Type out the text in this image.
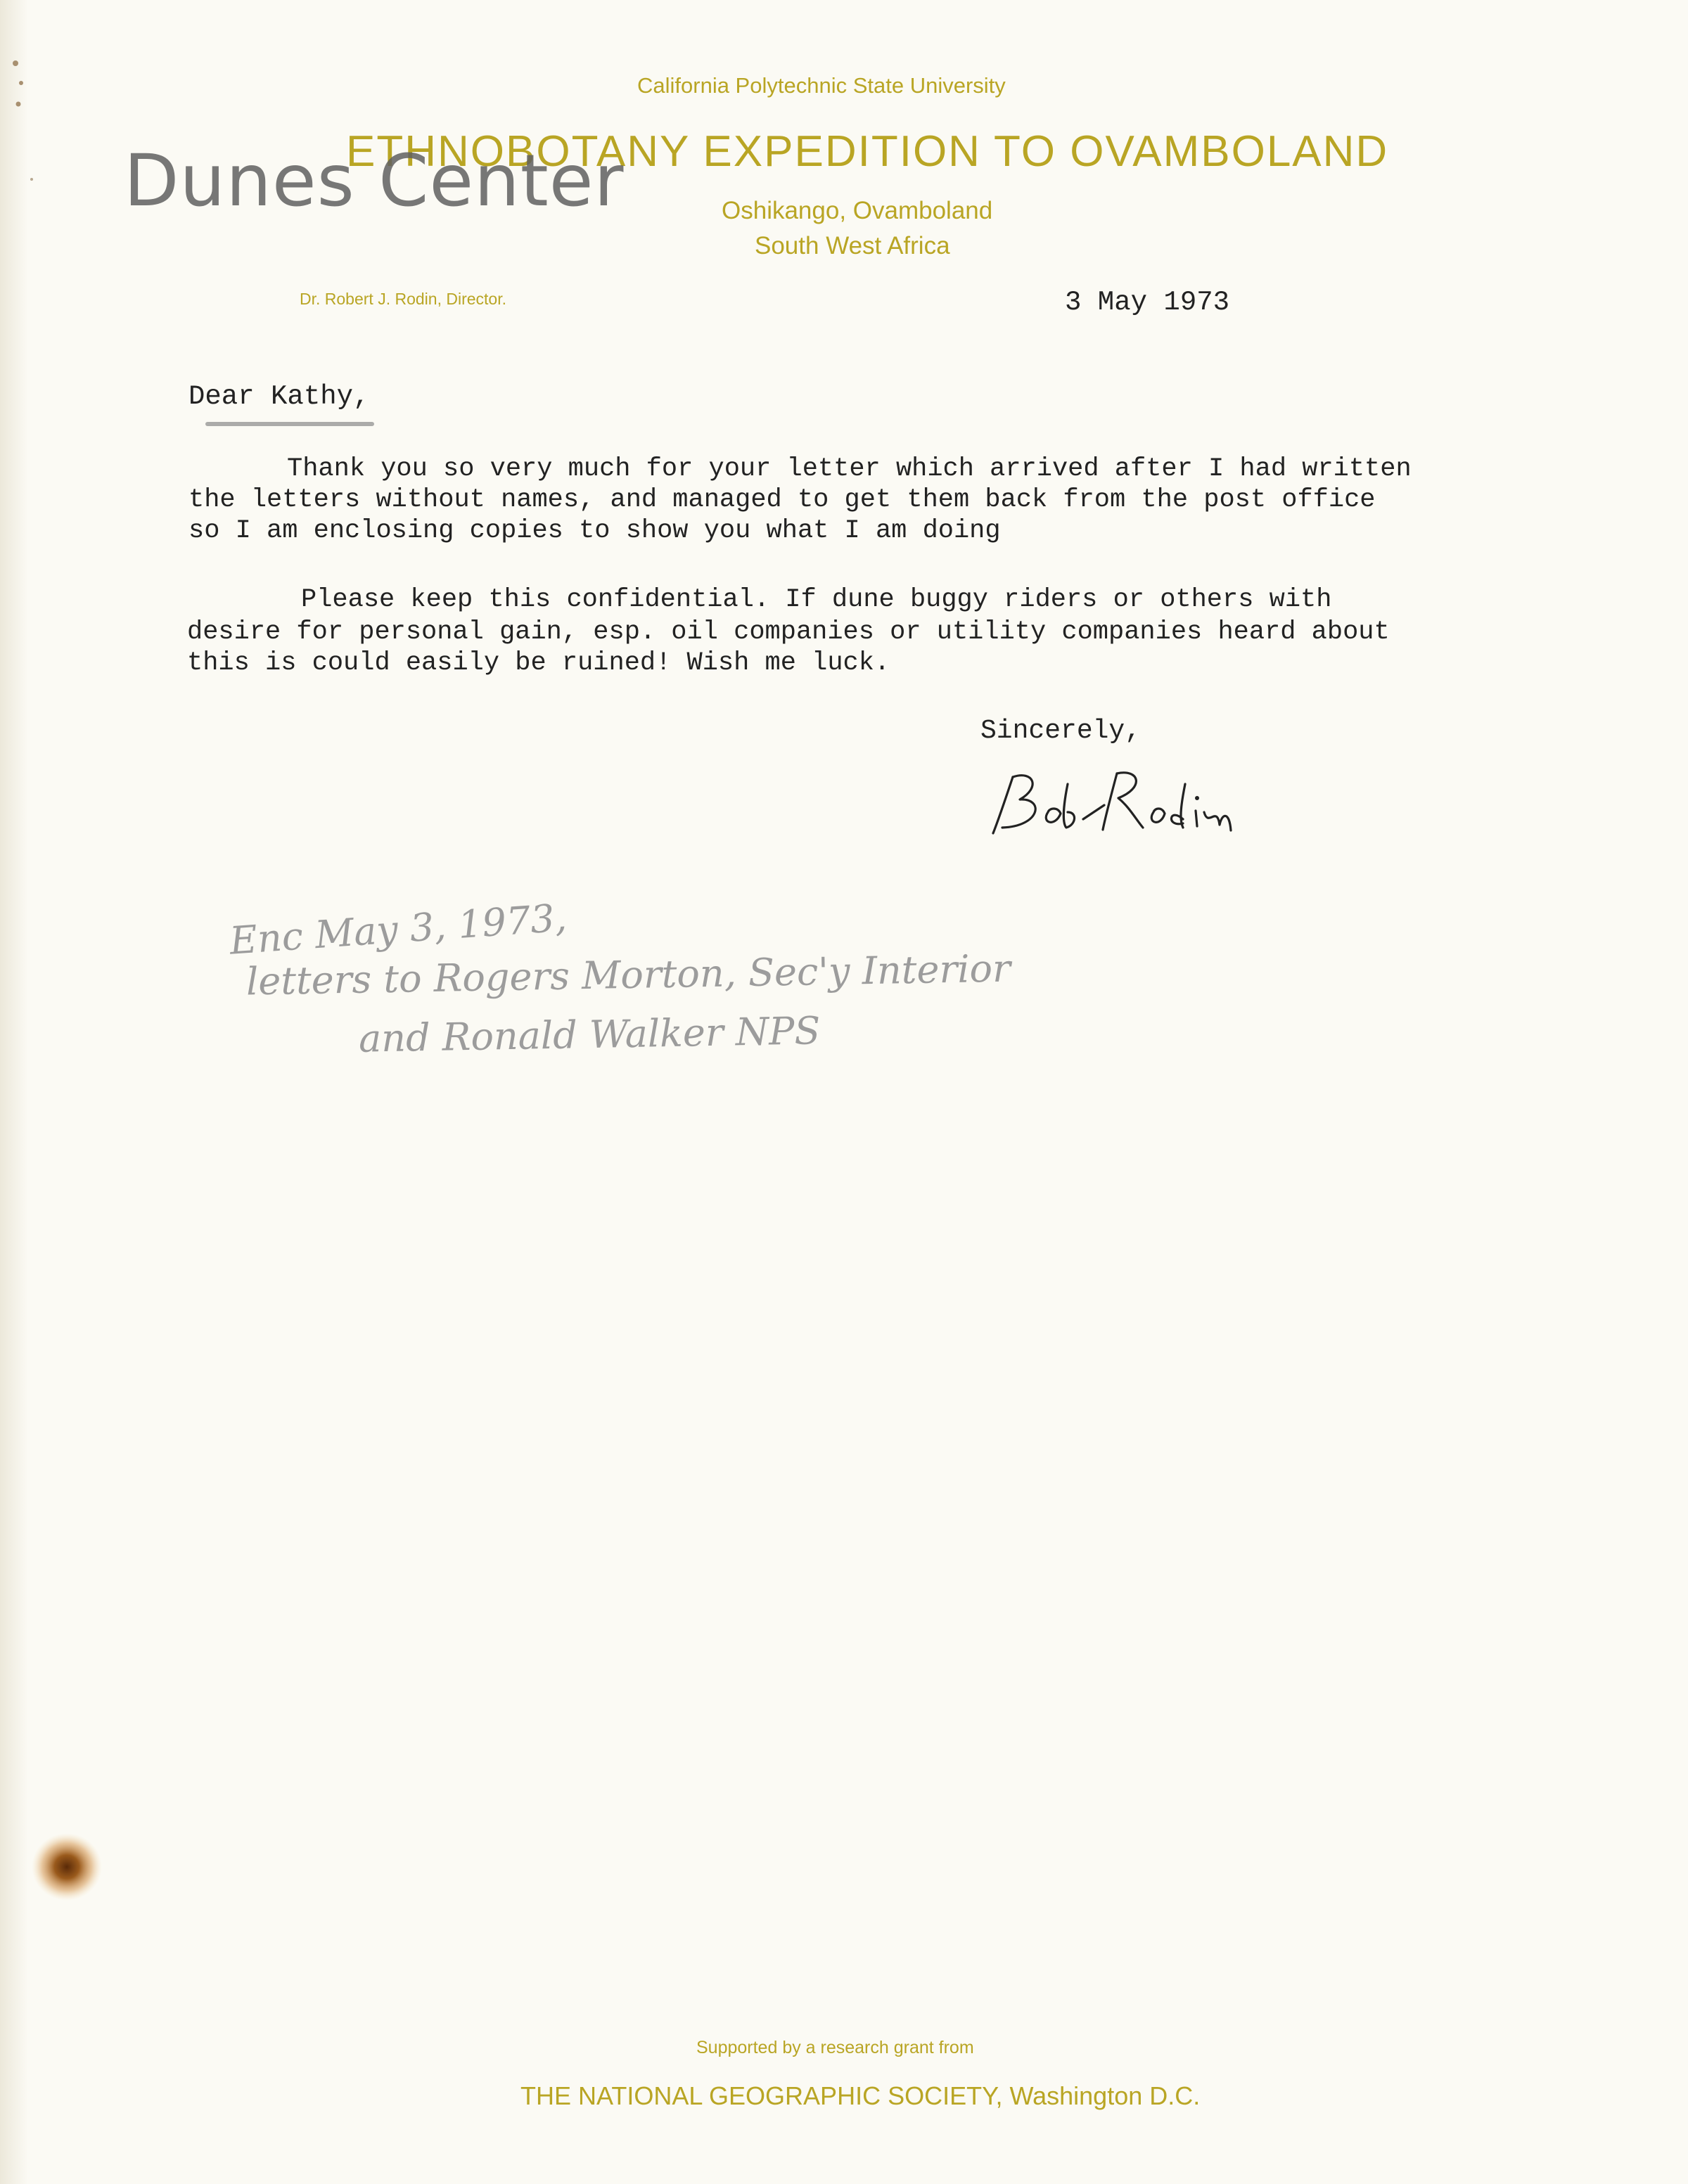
California Polytechnic State University
ETHNOBOTANY EXPEDITION TO OVAMBOLAND
Oshikango, Ovamboland
South West Africa
Dr. Robert J. Rodin, Director.
Dunes Center
3 May 1973
Dear Kathy,
Thank you so very much for your letter which arrived after I had written
the letters without names, and managed to get them back from the post office
so I am enclosing copies to show you what I am doing
Please keep this confidential. If dune buggy riders or others with
desire for personal gain, esp. oil companies or utility companies heard about
this is could easily be ruined! Wish me luck.
Sincerely,
Enc May 3, 1973,
letters to Rogers Morton, Sec'y Interior
and Ronald Walker NPS
Supported by a research grant from
THE NATIONAL GEOGRAPHIC SOCIETY, Washington D.C.
